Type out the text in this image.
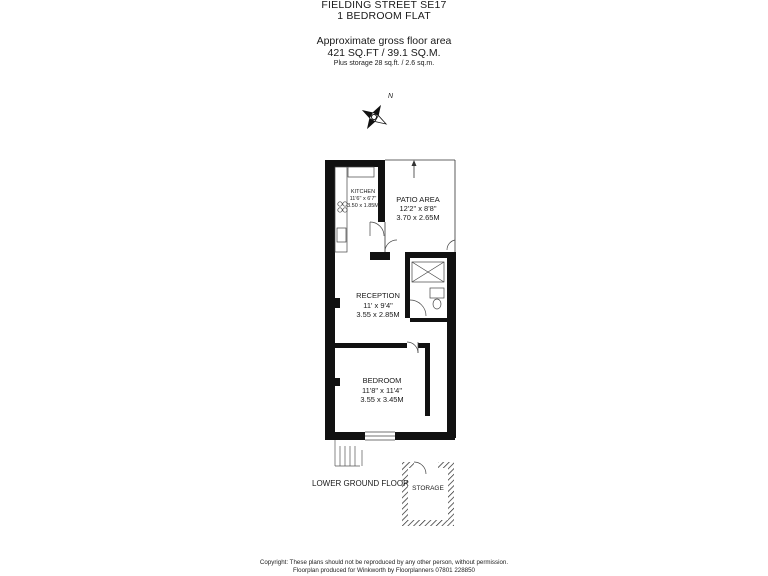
FIELDING STREET SE17
1 BEDROOM FLAT
Approximate gross floor area
421 SQ.FT / 39.1 SQ.M.
Plus storage 28 sq.ft. / 2.6 sq.m.
N
KITCHEN
11'6" x 6'7"
3.50 x 1.85M
PATIO AREA
12'2" x 8'8"
3.70 x 2.65M
RECEPTION
11' x 9'4"
3.55 x 2.85M
BEDROOM
11'8" x 11'4"
3.55 x 3.45M
STORAGE
LOWER GROUND FLOOR
Copyright: These plans should not be reproduced by any other person, without permission.
Floorplan produced for Winkworth by Floorplanners 07801 228850
